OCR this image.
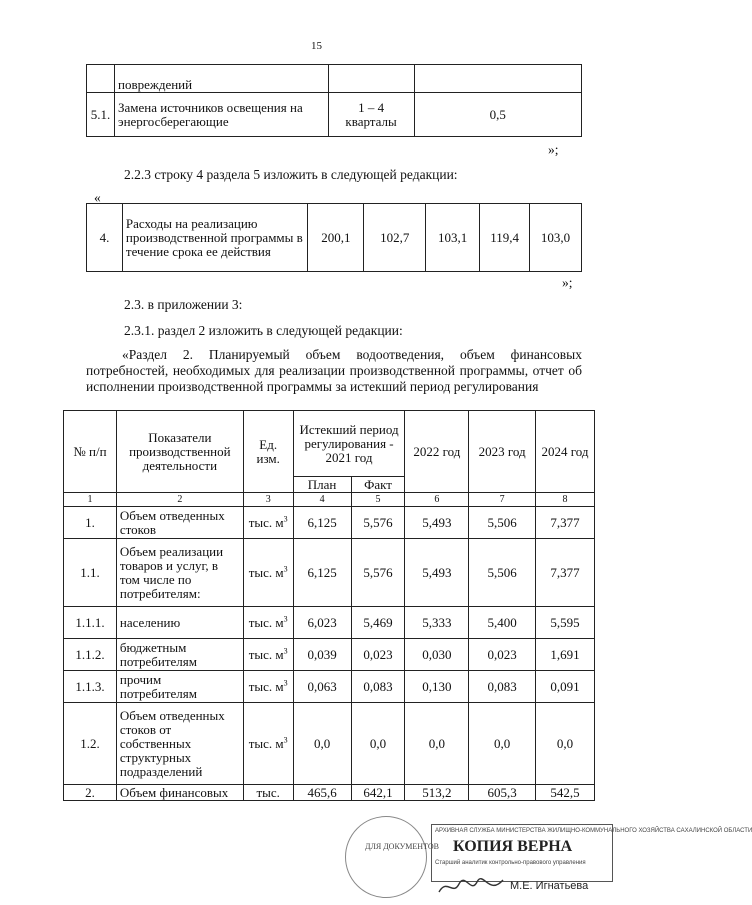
15
	повреждений		
5.1.	Замена источников освещения на энергосберегающие	1 – 4 кварталы	0,5
»;
2.2.3 строку 4 раздела 5 изложить в следующей редакции:
«
4.	Расходы на реализацию производственной программы в течение срока ее действия	200,1	102,7	103,1	119,4	103,0
»;
2.3. в приложении 3:
2.3.1. раздел 2 изложить в следующей редакции:
«Раздел 2. Планируемый объем водоотведения, объем финансовых потребностей, необходимых для реализации производственной программы, отчет об исполнении производственной программы за истекший период регулирования
№ п/п	Показатели производственной деятельности	Ед. изм.	Истекший период регулирования - 2021 год		2022 год	2023 год	2024 год
			План	Факт			
1	2	3	4	5	6	7	8
1.	Объем отведенных стоков	тыс. $м^3$	6,125	5,576	5,493	5,506	7,377
1.1.	Объем реализации товаров и услуг, в том числе по потребителям:	тыс. $м^3$	6,125	5,576	5,493	5,506	7,377
1.1.1.	населению	тыс. $м^3$	6,023	5,469	5,333	5,400	5,595
1.1.2.	бюджетным потребителям	тыс. $м^3$	0,039	0,023	0,030	0,023	1,691
1.1.3.	прочим потребителям	тыс. $м^3$	0,063	0,083	0,130	0,083	0,091
1.2.	Объем отведенных стоков от собственных структурных подразделений	тыс. $м^3$	0,0	0,0	0,0	0,0	0,0
2.	Объем финансовых	тыс.	465,6	642,1	513,2	605,3	542,5
ДЛЯ ДОКУМЕНТОВ
АРХИВНАЯ СЛУЖБА МИНИСТЕРСТВА ЖИЛИЩНО-КОММУНАЛЬНОГО ХОЗЯЙСТВА САХАЛИНСКОЙ ОБЛАСТИ
КОПИЯ ВЕРНА
Старший аналитик контрольно-правового управления
М.Е. Игнатьева
